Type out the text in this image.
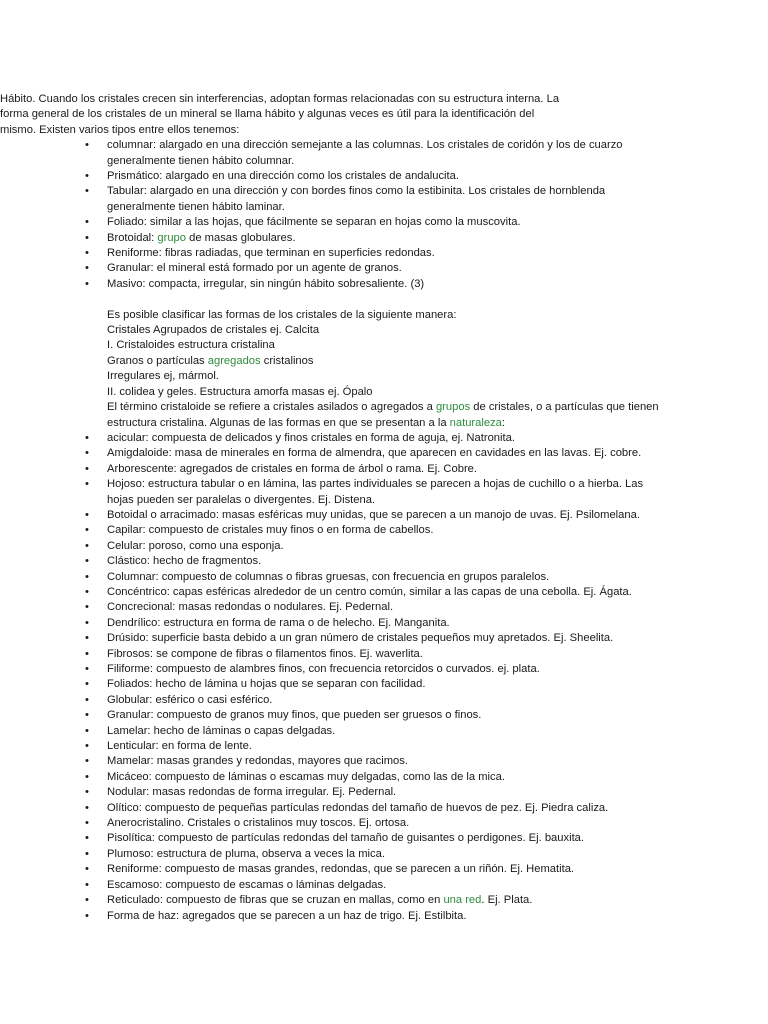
Hábito. Cuando los cristales crecen sin interferencias, adoptan formas relacionadas con su estructura interna. La forma general de los cristales de un mineral se llama hábito y algunas veces es útil para la identificación del mismo. Existen varios tipos entre ellos tenemos:

• columnar: alargado en una dirección semejante a las columnas. Los cristales de coridón y los de cuarzo generalmente tienen hábito columnar.
• Prismático: alargado en una dirección como los cristales de andalucita.
• Tabular: alargado en una dirección y con bordes finos como la estibinita. Los cristales de hornblenda generalmente tienen hábito laminar.
• Foliado: similar a las hojas, que fácilmente se separan en hojas como la muscovita.
• Brotoidal: grupo de masas globulares.
• Reniforme: fibras radiadas, que terminan en superficies redondas.
• Granular: el mineral está formado por un agente de granos.
• Masivo: compacta, irregular, sin ningún hábito sobresaliente. (3)

Es posible clasificar las formas de los cristales de la siguiente manera:

Cristales Agrupados de cristales ej. Calcita

I. Cristaloides estructura cristalina

Granos o partículas agregados cristalinos

Irregulares ej, mármol.

II. colidea y geles. Estructura amorfa masas ej. Ópalo

El término cristaloide se refiere a cristales asilados o agregados a grupos de cristales, o a partículas que tienen estructura cristalina. Algunas de las formas en que se presentan a la naturaleza:

• acicular: compuesta de delicados y finos cristales en forma de aguja, ej. Natronita.
• Amigdaloide: masa de minerales en forma de almendra, que aparecen en cavidades en las lavas. Ej. cobre.
• Arborescente: agregados de cristales en forma de árbol o rama. Ej. Cobre.
• Hojoso: estructura tabular o en lámina, las partes individuales se parecen a hojas de cuchillo o a hierba. Las hojas pueden ser paralelas o divergentes. Ej. Distena.
• Botoidal o arracimado: masas esféricas muy unidas, que se parecen a un manojo de uvas. Ej. Psilomelana.
• Capilar: compuesto de cristales muy finos o en forma de cabellos.
• Celular: poroso, como una esponja.
• Clástico: hecho de fragmentos.
• Columnar: compuesto de columnas o fibras gruesas, con frecuencia en grupos paralelos.
• Concéntrico: capas esféricas alrededor de un centro común, similar a las capas de una cebolla. Ej. Ágata.
• Concrecional: masas redondas o nodulares. Ej. Pedernal.
• Dendrílico: estructura en forma de rama o de helecho. Ej. Manganita.
• Drúsido: superficie basta debido a un gran número de cristales pequeños muy apretados. Ej. Sheelita.
• Fibrosos: se compone de fibras o filamentos finos. Ej. waverlita.
• Filiforme: compuesto de alambres finos, con frecuencia retorcidos o curvados. ej. plata.
• Foliados: hecho de lámina u hojas que se separan con facilidad.
• Globular: esférico o casi esférico.
• Granular: compuesto de granos muy finos, que pueden ser gruesos o finos.
• Lamelar: hecho de láminas o capas delgadas.
• Lenticular: en forma de lente.
• Mamelar: masas grandes y redondas, mayores que racimos.
• Micáceo: compuesto de láminas o escamas muy delgadas, como las de la mica.
• Nodular: masas redondas de forma irregular. Ej. Pedernal.
• Olítico: compuesto de pequeñas partículas redondas del tamaño de huevos de pez. Ej. Piedra caliza.
• Anerocristalino. Cristales o cristalinos muy toscos. Ej. ortosa.
• Pisolítica: compuesto de partículas redondas del tamaño de guisantes o perdigones. Ej. bauxita.
• Plumoso: estructura de pluma, observa a veces la mica.
• Reniforme: compuesto de masas grandes, redondas, que se parecen a un riñón. Ej. Hematita.
• Escamoso: compuesto de escamas o láminas delgadas.
• Reticulado: compuesto de fibras que se cruzan en mallas, como en una red. Ej. Plata.
• Forma de haz: agregados que se parecen a un haz de trigo. Ej. Estilbita.
